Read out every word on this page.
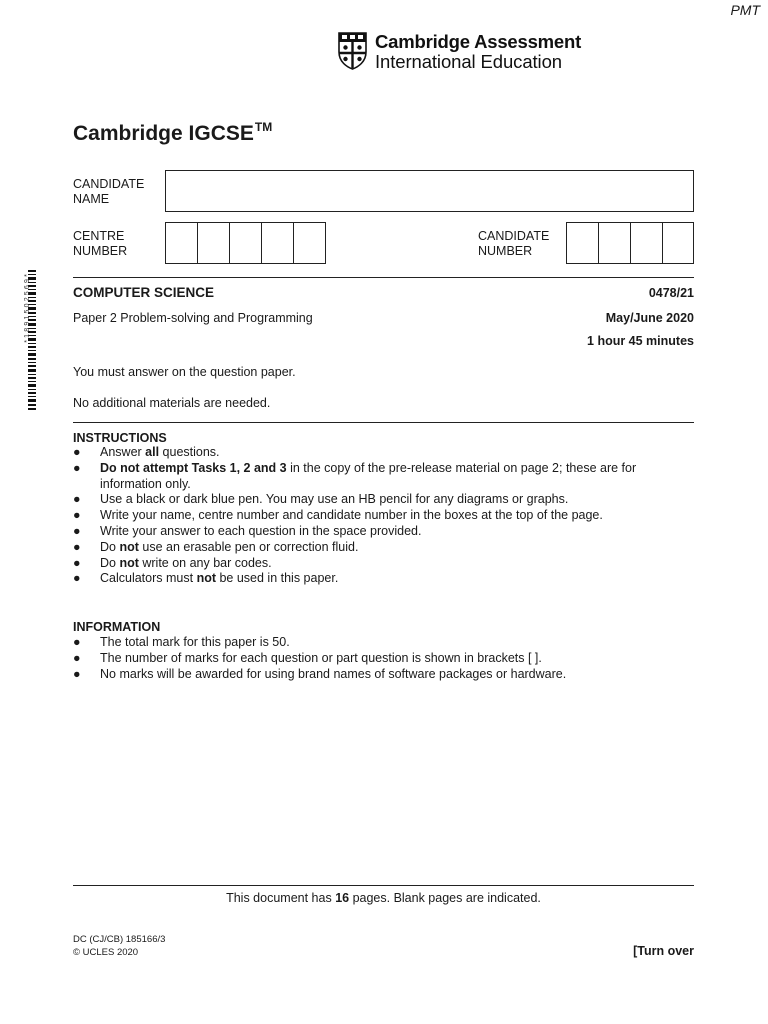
PMT
Cambridge Assessment
International Education
Cambridge IGCSE™
CANDIDATE
NAME
CENTRE
NUMBER
CANDIDATE
NUMBER
*1891502569*	COMPUTER SCIENCE	0478/21
Paper 2 Problem-solving and Programming	May/June 2020
1 hour 45 minutes
You must answer on the question paper.
No additional materials are needed.
INSTRUCTIONS
● Answer all questions.
● Do not attempt Tasks 1, 2 and 3 in the copy of the pre-release material on page 2; these are for
information only.
● Use a black or dark blue pen. You may use an HB pencil for any diagrams or graphs.
● Write your name, centre number and candidate number in the boxes at the top of the page.
● Write your answer to each question in the space provided.
● Do not use an erasable pen or correction fluid.
● Do not write on any bar codes.
● Calculators must not be used in this paper.
INFORMATION
● The total mark for this paper is 50.
● The number of marks for each question or part question is shown in brackets [ ].
● No marks will be awarded for using brand names of software packages or hardware.
This document has 16 pages. Blank pages are indicated.
DC (CJ/CB) 185166/3
© UCLES 2020	[Turn over
